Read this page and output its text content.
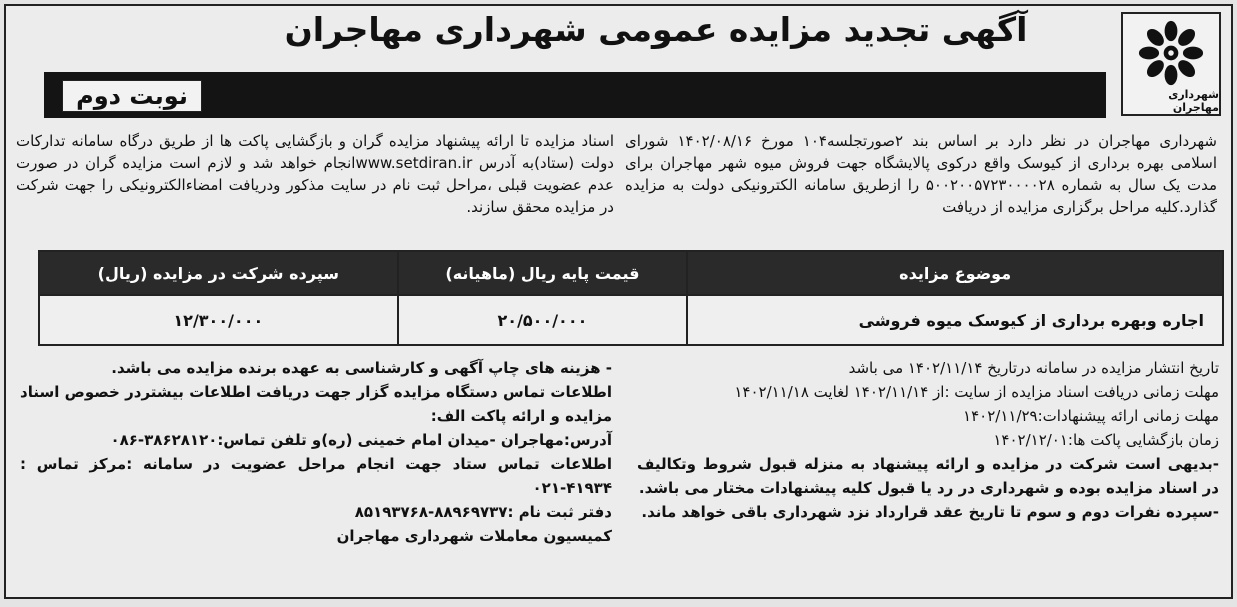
شهرداری مهاجران
آگهی تجدید مزایده عمومی شهرداری مهاجران
نوبت دوم
شهرداری مهاجران در نظر دارد بر اساس بند ۲صورتجلسه۱۰۴ مورخ ۱۴۰۲/۰۸/۱۶ شورای اسلامی بهره برداری از کیوسک واقع درکوی پالایشگاه جهت فروش میوه شهر مهاجران برای مدت یک سال به شماره ۵۰۰۲۰۰۵۷۲۳۰۰۰۰۲۸ را ازطریق سامانه الکترونیکی دولت به مزایده گذارد.کلیه مراحل برگزاری مزایده از دریافت
اسناد مزایده تا ارائه پیشنهاد مزایده گران و بازگشایی پاکت ها از طریق درگاه سامانه تدارکات دولت (ستاد)به آدرس www.setdiran.irانجام خواهد شد و لازم است مزایده گران در صورت عدم عضویت قبلی ،مراحل ثبت نام در سایت مذکور ودریافت امضاءالکترونیکی را جهت شرکت در مزایده محقق سازند.
موضوع مزایده	قیمت پایه ریال (ماهیانه)	سپرده شرکت در مزایده (ریال)
اجاره وبهره برداری از کیوسک میوه فروشی	۲۰/۵۰۰/۰۰۰	۱۲/۳۰۰/۰۰۰

تاریخ انتشار مزایده در سامانه درتاریخ ۱۴۰۲/۱۱/۱۴ می باشد

مهلت زمانی دریافت اسناد مزایده از سایت :از ۱۴۰۲/۱۱/۱۴ لغایت ۱۴۰۲/۱۱/۱۸

مهلت زمانی ارائه پیشنهادات:۱۴۰۲/۱۱/۲۹

زمان بازگشایی پاکت ها:۱۴۰۲/۱۲/۰۱

-بدیهی است شرکت در مزایده و ارائه پیشنهاد به منزله قبول شروط وتکالیف در اسناد مزایده بوده و شهرداری در رد یا قبول کلیه پیشنهادات مختار می باشد.

-سپرده نفرات دوم و سوم تا تاریخ عقد قرارداد نزد شهرداری باقی خواهد ماند.

- هزینه های چاپ آگهی و کارشناسی به عهده برنده مزایده می باشد.

اطلاعات تماس دستگاه مزایده گزار جهت دریافت اطلاعات بیشتردر خصوص اسناد مزایده و ارائه پاکت الف:

آدرس:مهاجران -میدان امام خمینی (ره)و تلفن تماس:۳۸۶۲۸۱۲۰-۰۸۶

اطلاعات تماس ستاد جهت انجام مراحل عضویت در سامانه :مرکز تماس : ۴۱۹۳۴-۰۲۱

دفتر ثبت نام :۸۸۹۶۹۷۳۷-۸۵۱۹۳۷۶۸

کمیسیون معاملات شهرداری مهاجران
